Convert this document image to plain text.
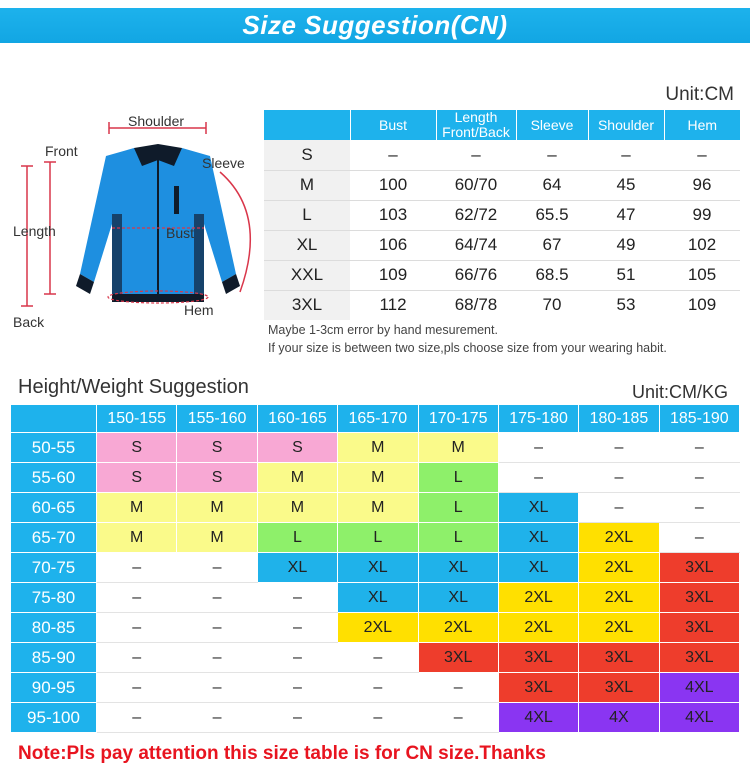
Size Suggestion(CN)
Unit:CM
Shoulder
Front
Sleeve
Length	Bust
Back
Hem
	Bust	Length Front/Back	Sleeve	Shoulder	Hem
S	–	–	–	–	–
M	100	60/70	64	45	96
L	103	62/72	65.5	47	99
XL	106	64/74	67	49	102
XXL	109	66/76	68.5	51	105
3XL	112	68/78	70	53	109
Maybe 1-3cm error by hand mesurement.
If your size is between two size,pls choose size from your wearing habit.
Height/Weight Suggestion	Unit:CM/KG
	150-155	155-160	160-165	165-170	170-175	175-180	180-185	185-190
50-55	S	S	S	M	M	–	–	–
55-60	S	S	M	M	L	–	–	–
60-65	M	M	M	M	L	XL	–	–
65-70	M	M	L	L	L	XL	2XL	–
70-75	–	–	XL	XL	XL	XL	2XL	3XL
75-80	–	–	–	XL	XL	2XL	2XL	3XL
80-85	–	–	–	2XL	2XL	2XL	2XL	3XL
85-90	–	–	–	–	3XL	3XL	3XL	3XL
90-95	–	–	–	–	–	3XL	3XL	4XL
95-100	–	–	–	–	–	4XL	4X	4XL
Note:Pls pay attention this size table is for CN size.Thanks
